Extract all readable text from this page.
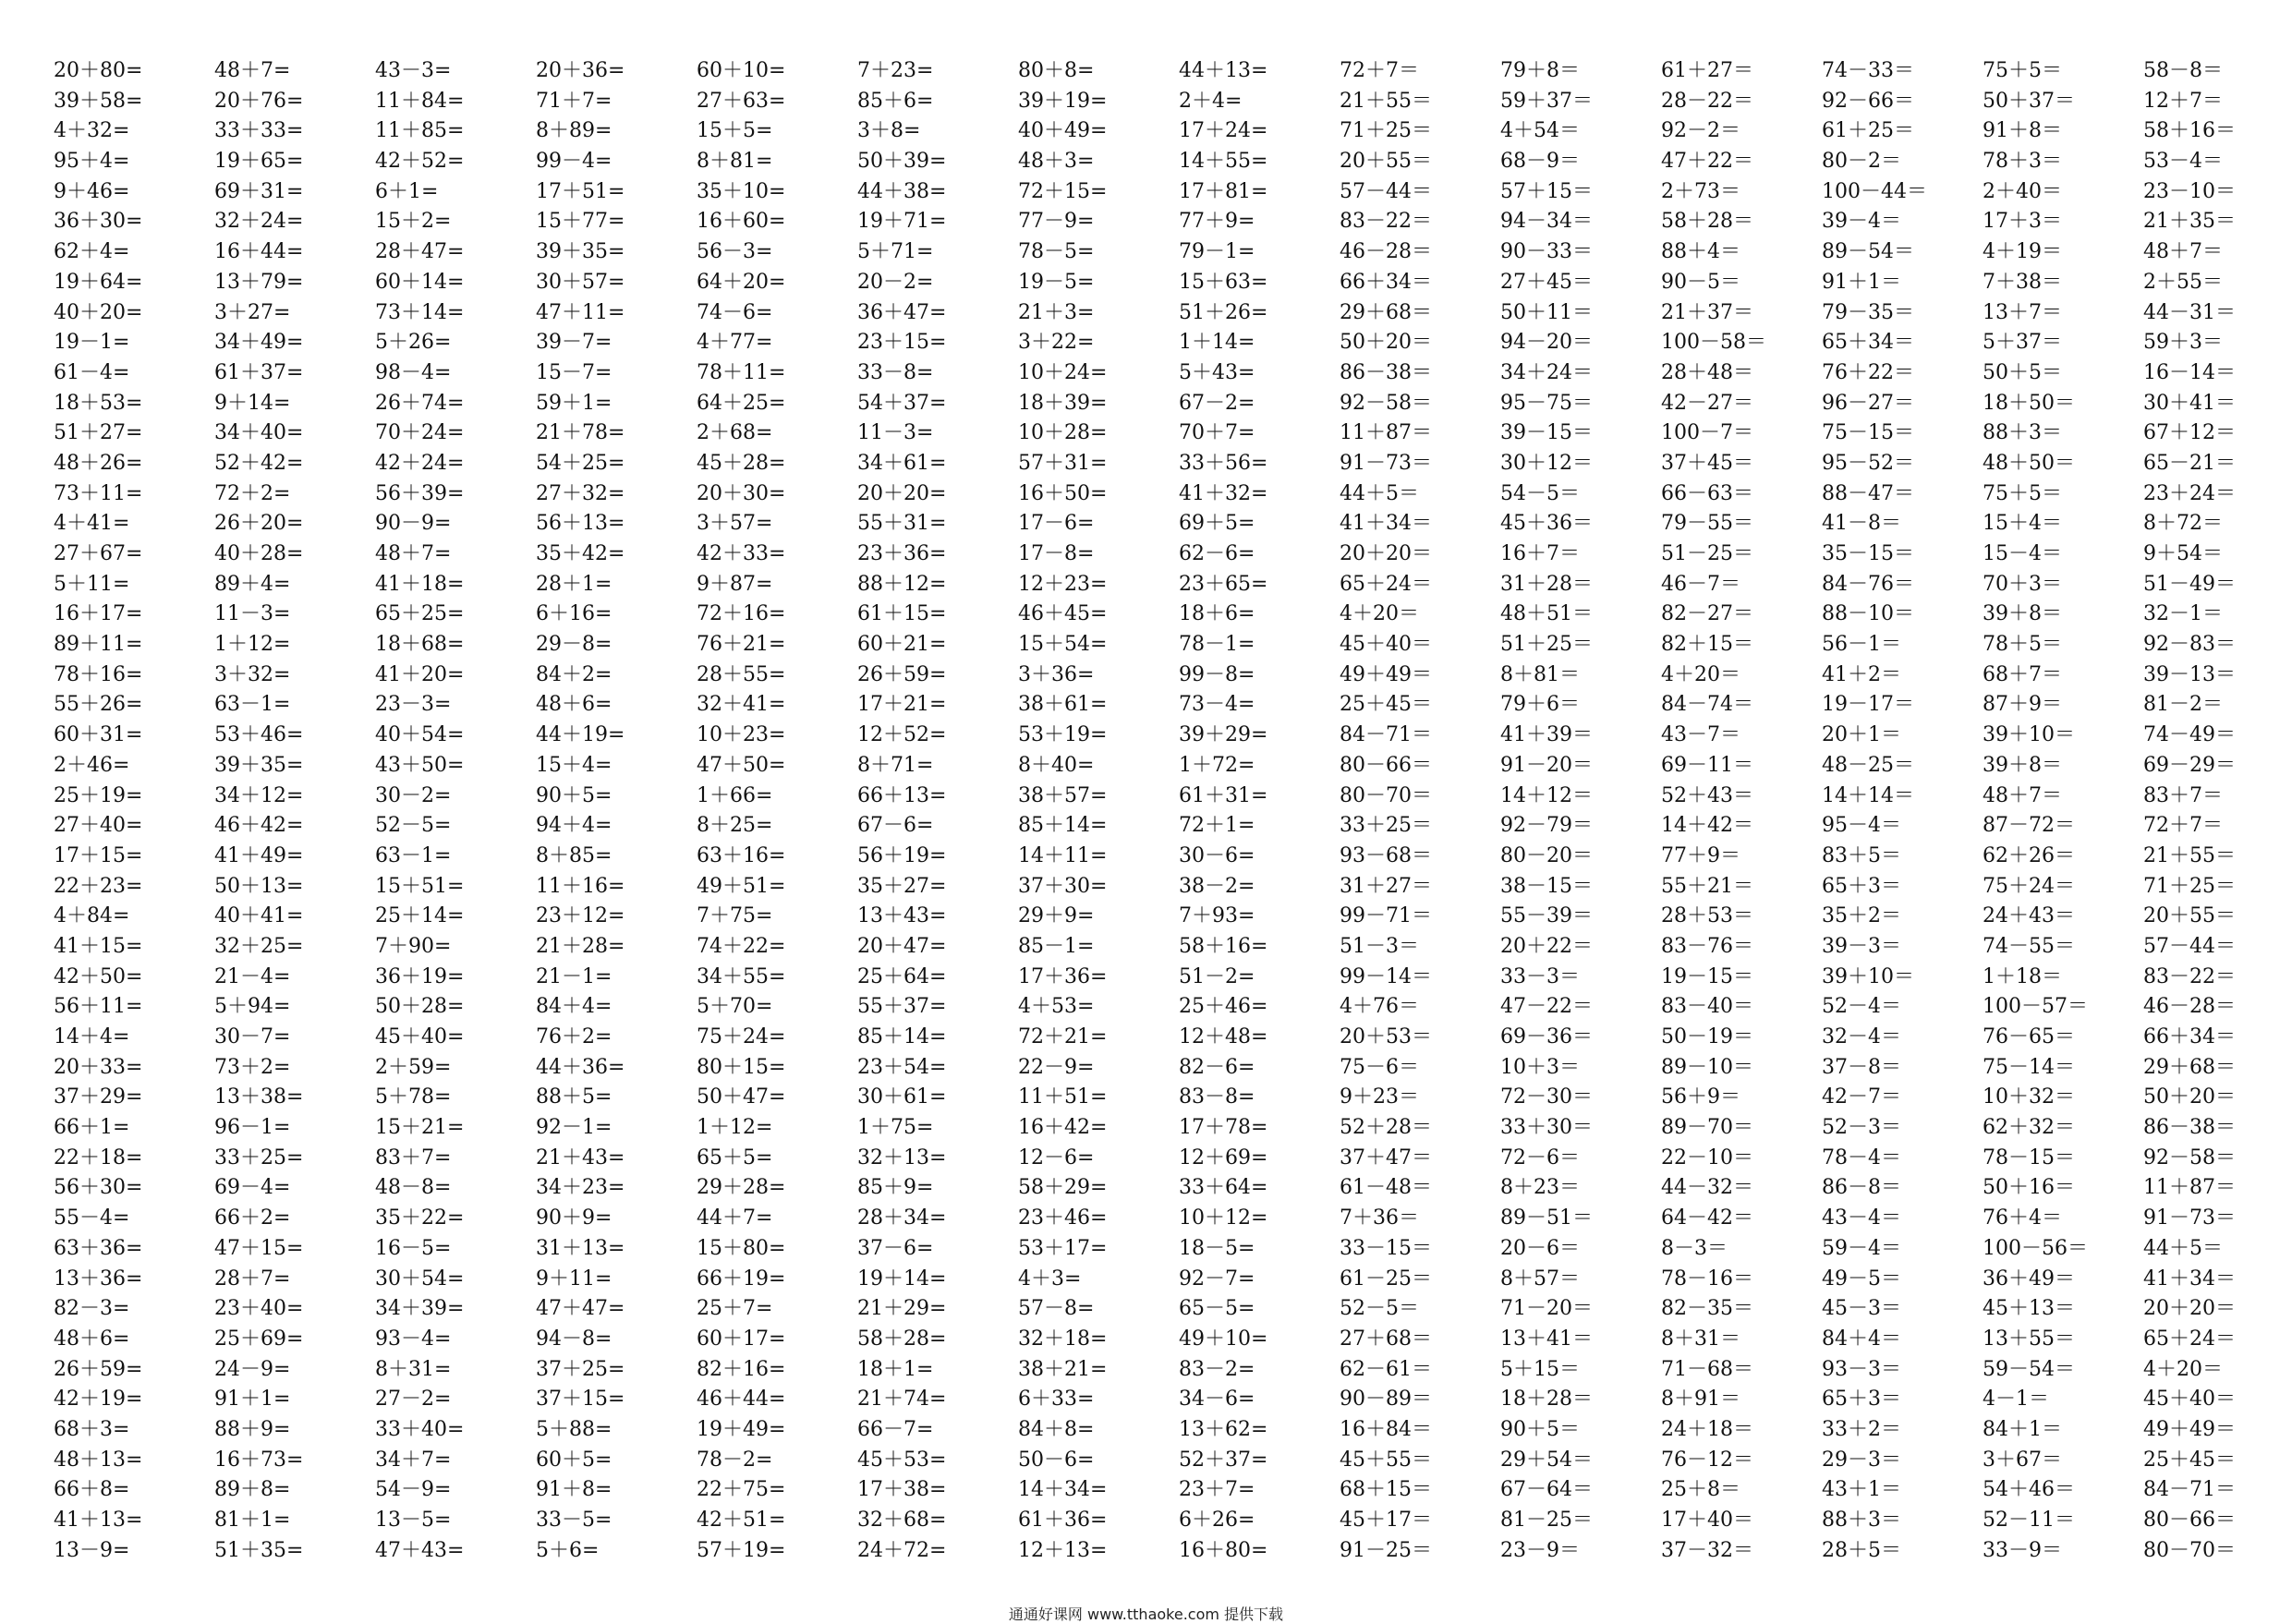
20＋80=	48＋7=	43－3=	20＋36=	60＋10=	7＋23=	80＋8=	44＋13=	72＋7＝	79＋8＝	61＋27＝	74－33＝	75＋5＝	58－8＝
39＋58=	20＋76=	11＋84=	71＋7=	27＋63=	85＋6=	39＋19=	2＋4=	21＋55＝	59＋37＝	28－22＝	92－66＝	50＋37＝	12＋7＝
4＋32=	33＋33=	11＋85=	8＋89=	15＋5=	3＋8=	40＋49=	17＋24=	71＋25＝	4＋54＝	92－2＝	61＋25＝	91＋8＝	58＋16＝
95＋4=	19＋65=	42＋52=	99－4=	8＋81=	50＋39=	48＋3=	14＋55=	20＋55＝	68－9＝	47＋22＝	80－2＝	78＋3＝	53－4＝
9＋46=	69＋31=	6＋1=	17＋51=	35＋10=	44＋38=	72＋15=	17＋81=	57－44＝	57＋15＝	2＋73＝	100－44＝	2＋40＝	23－10＝
36＋30=	32＋24=	15＋2=	15＋77=	16＋60=	19＋71=	77－9=	77＋9=	83－22＝	94－34＝	58＋28＝	39－4＝	17＋3＝	21＋35＝
62＋4=	16＋44=	28＋47=	39＋35=	56－3=	5＋71=	78－5=	79－1=	46－28＝	90－33＝	88＋4＝	89－54＝	4＋19＝	48＋7＝
19＋64=	13＋79=	60＋14=	30＋57=	64＋20=	20－2=	19－5=	15＋63=	66＋34＝	27＋45＝	90－5＝	91＋1＝	7＋38＝	2＋55＝
40＋20=	3＋27=	73＋14=	47＋11=	74－6=	36＋47=	21＋3=	51＋26=	29＋68＝	50＋11＝	21＋37＝	79－35＝	13＋7＝	44－31＝
19－1=	34＋49=	5＋26=	39－7=	4＋77=	23＋15=	3＋22=	1＋14=	50＋20＝	94－20＝	100－58＝	65＋34＝	5＋37＝	59＋3＝
61－4=	61＋37=	98－4=	15－7=	78＋11=	33－8=	10＋24=	5＋43=	86－38＝	34＋24＝	28＋48＝	76＋22＝	50＋5＝	16－14＝
18＋53=	9＋14=	26＋74=	59＋1=	64＋25=	54＋37=	18＋39=	67－2=	92－58＝	95－75＝	42－27＝	96－27＝	18＋50＝	30＋41＝
51＋27=	34＋40=	70＋24=	21＋78=	2＋68=	11－3=	10＋28=	70＋7=	11＋87＝	39－15＝	100－7＝	75－15＝	88＋3＝	67＋12＝
48＋26=	52＋42=	42＋24=	54＋25=	45＋28=	34＋61=	57＋31=	33＋56=	91－73＝	30＋12＝	37＋45＝	95－52＝	48＋50＝	65－21＝
73＋11=	72＋2=	56＋39=	27＋32=	20＋30=	20＋20=	16＋50=	41＋32=	44＋5＝	54－5＝	66－63＝	88－47＝	75＋5＝	23＋24＝
4＋41=	26＋20=	90－9=	56＋13=	3＋57=	55＋31=	17－6=	69＋5=	41＋34＝	45＋36＝	79－55＝	41－8＝	15＋4＝	8＋72＝
27＋67=	40＋28=	48＋7=	35＋42=	42＋33=	23＋36=	17－8=	62－6=	20＋20＝	16＋7＝	51－25＝	35－15＝	15－4＝	9＋54＝
5＋11=	89＋4=	41＋18=	28＋1=	9＋87=	88＋12=	12＋23=	23＋65=	65＋24＝	31＋28＝	46－7＝	84－76＝	70＋3＝	51－49＝
16＋17=	11－3=	65＋25=	6＋16=	72＋16=	61＋15=	46＋45=	18＋6=	4＋20＝	48＋51＝	82－27＝	88－10＝	39＋8＝	32－1＝
89＋11=	1＋12=	18＋68=	29－8=	76＋21=	60＋21=	15＋54=	78－1=	45＋40＝	51＋25＝	82＋15＝	56－1＝	78＋5＝	92－83＝
78＋16=	3＋32=	41＋20=	84＋2=	28＋55=	26＋59=	3＋36=	99－8=	49＋49＝	8＋81＝	4＋20＝	41＋2＝	68＋7＝	39－13＝
55＋26=	63－1=	23－3=	48＋6=	32＋41=	17＋21=	38＋61=	73－4=	25＋45＝	79＋6＝	84－74＝	19－17＝	87＋9＝	81－2＝
60＋31=	53＋46=	40＋54=	44＋19=	10＋23=	12＋52=	53＋19=	39＋29=	84－71＝	41＋39＝	43－7＝	20＋1＝	39＋10＝	74－49＝
2＋46=	39＋35=	43＋50=	15＋4=	47＋50=	8＋71=	8＋40=	1＋72=	80－66＝	91－20＝	69－11＝	48－25＝	39＋8＝	69－29＝
25＋19=	34＋12=	30－2=	90＋5=	1＋66=	66＋13=	38＋57=	61＋31=	80－70＝	14＋12＝	52＋43＝	14＋14＝	48＋7＝	83＋7＝
27＋40=	46＋42=	52－5=	94＋4=	8＋25=	67－6=	85＋14=	72＋1=	33＋25＝	92－79＝	14＋42＝	95－4＝	87－72＝	72＋7＝
17＋15=	41＋49=	63－1=	8＋85=	63＋16=	56＋19=	14＋11=	30－6=	93－68＝	80－20＝	77＋9＝	83＋5＝	62＋26＝	21＋55＝
22＋23=	50＋13=	15＋51=	11＋16=	49＋51=	35＋27=	37＋30=	38－2=	31＋27＝	38－15＝	55＋21＝	65＋3＝	75＋24＝	71＋25＝
4＋84=	40＋41=	25＋14=	23＋12=	7＋75=	13＋43=	29＋9=	7＋93=	99－71＝	55－39＝	28＋53＝	35＋2＝	24＋43＝	20＋55＝
41＋15=	32＋25=	7＋90=	21＋28=	74＋22=	20＋47=	85－1=	58＋16=	51－3＝	20＋22＝	83－76＝	39－3＝	74－55＝	57－44＝
42＋50=	21－4=	36＋19=	21－1=	34＋55=	25＋64=	17＋36=	51－2=	99－14＝	33－3＝	19－15＝	39＋10＝	1＋18＝	83－22＝
56＋11=	5＋94=	50＋28=	84＋4=	5＋70=	55＋37=	4＋53=	25＋46=	4＋76＝	47－22＝	83－40＝	52－4＝	100－57＝	46－28＝
14＋4=	30－7=	45＋40=	76＋2=	75＋24=	85＋14=	72＋21=	12＋48=	20＋53＝	69－36＝	50－19＝	32－4＝	76－65＝	66＋34＝
20＋33=	73＋2=	2＋59=	44＋36=	80＋15=	23＋54=	22－9=	82－6=	75－6＝	10＋3＝	89－10＝	37－8＝	75－14＝	29＋68＝
37＋29=	13＋38=	5＋78=	88＋5=	50＋47=	30＋61=	11＋51=	83－8=	9＋23＝	72－30＝	56＋9＝	42－7＝	10＋32＝	50＋20＝
66＋1=	96－1=	15＋21=	92－1=	1＋12=	1＋75=	16＋42=	17＋78=	52＋28＝	33＋30＝	89－70＝	52－3＝	62＋32＝	86－38＝
22＋18=	33＋25=	83＋7=	21＋43=	65＋5=	32＋13=	12－6=	12＋69=	37＋47＝	72－6＝	22－10＝	78－4＝	78－15＝	92－58＝
56＋30=	69－4=	48－8=	34＋23=	29＋28=	85＋9=	58＋29=	33＋64=	61－48＝	8＋23＝	44－32＝	86－8＝	50＋16＝	11＋87＝
55－4=	66＋2=	35＋22=	90＋9=	44＋7=	28＋34=	23＋46=	10＋12=	7＋36＝	89－51＝	64－42＝	43－4＝	76＋4＝	91－73＝
63＋36=	47＋15=	16－5=	31＋13=	15＋80=	37－6=	53＋17=	18－5=	33－15＝	20－6＝	8－3＝	59－4＝	100－56＝	44＋5＝
13＋36=	28＋7=	30＋54=	9＋11=	66＋19=	19＋14=	4＋3=	92－7=	61－25＝	8＋57＝	78－16＝	49－5＝	36＋49＝	41＋34＝
82－3=	23＋40=	34＋39=	47＋47=	25＋7=	21＋29=	57－8=	65－5=	52－5＝	71－20＝	82－35＝	45－3＝	45＋13＝	20＋20＝
48＋6=	25＋69=	93－4=	94－8=	60＋17=	58＋28=	32＋18=	49＋10=	27＋68＝	13＋41＝	8＋31＝	84＋4＝	13＋55＝	65＋24＝
26＋59=	24－9=	8＋31=	37＋25=	82＋16=	18＋1=	38＋21=	83－2=	62－61＝	5＋15＝	71－68＝	93－3＝	59－54＝	4＋20＝
42＋19=	91＋1=	27－2=	37＋15=	46＋44=	21＋74=	6＋33=	34－6=	90－89＝	18＋28＝	8＋91＝	65＋3＝	4－1＝	45＋40＝
68＋3=	88＋9=	33＋40=	5＋88=	19＋49=	66－7=	84＋8=	13＋62=	16＋84＝	90＋5＝	24＋18＝	33＋2＝	84＋1＝	49＋49＝
48＋13=	16＋73=	34＋7=	60＋5=	78－2=	45＋53=	50－6=	52＋37=	45＋55＝	29＋54＝	76－12＝	29－3＝	3＋67＝	25＋45＝
66＋8=	89＋8=	54－9=	91＋8=	22＋75=	17＋38=	14＋34=	23＋7=	68＋15＝	67－64＝	25＋8＝	43＋1＝	54＋46＝	84－71＝
41＋13=	81＋1=	13－5=	33－5=	42＋51=	32＋68=	61＋36=	6＋26=	45＋17＝	81－25＝	17＋40＝	88＋3＝	52－11＝	80－66＝
13－9=	51＋35=	47＋43=	5＋6=	57＋19=	24＋72=	12＋13=	16＋80=	91－25＝	23－9＝	37－32＝	28＋5＝	33－9＝	80－70＝
通通好课网 www.tthaoke.com 提供下载
